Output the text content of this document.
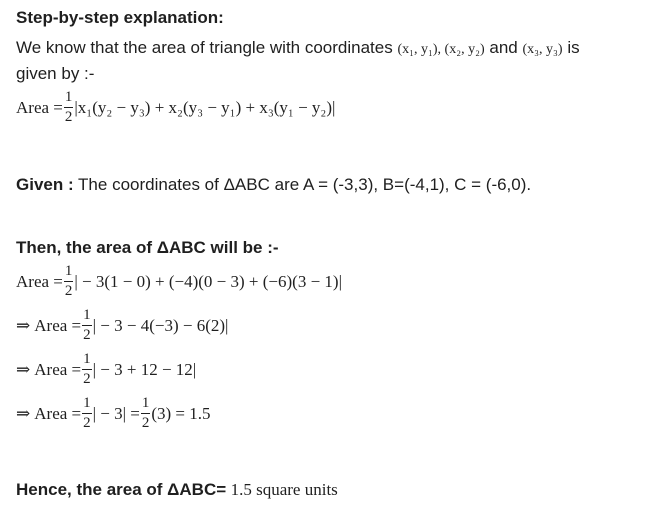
Step-by-step explanation:
We know that the area of triangle with coordinates (x₁, y₁), (x₂, y₂) and (x₃, y₃) is
given by :-
Area = $\frac{1}{2} |x_1(y_2 - y_3) + x_2(y_3 - y_1) + x_3(y_1 - y_2)|$
Given : The coordinates of ΔABC are A = (-3,3), B=(-4,1), C = (-6,0).
Then, the area of ΔABC will be :-
Area = $\frac{1}{2}$ | − 3(1 − 0) + (−4)(0 − 3) + (−6)(3 − 1)|
⇒ Area = $\frac{1}{2}$ | − 3 − 4(−3) − 6(2)|
⇒ Area = $\frac{1}{2}$ | − 3 + 12 − 12|
⇒ Area = $\frac{1}{2}$ | − $3| = \frac{1}{2} (3) = 1.5$
Hence, the area of ΔABC= 1.5 square units
